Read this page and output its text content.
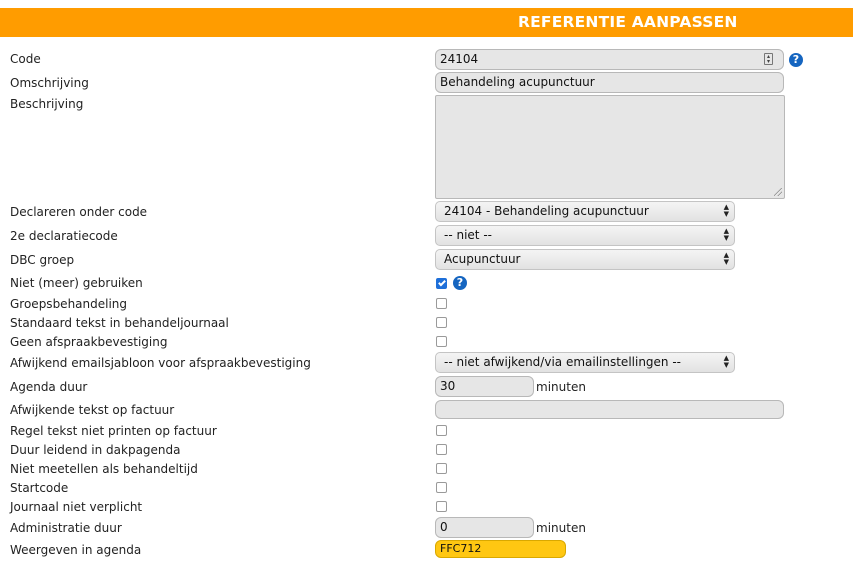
REFERENTIE AANPASSEN
Code	24104	▴
▾	?
Omschrijving	Behandeling acupunctuur
Beschrijving
Declareren onder code	24104 - Behandeling acupunctuur	▲
▼
2e declaratiecode	-- niet --	▲
▼
DBC groep	Acupunctuur	▲
▼
Niet (meer) gebruiken	?
Groepsbehandeling
Standaard tekst in behandeljournaal
Geen afspraakbevestiging
Afwijkend emailsjabloon voor afspraakbevestiging	-- niet afwijkend/via emailinstellingen --	▲
▼
Agenda duur	30	minuten
Afwijkende tekst op factuur
Regel tekst niet printen op factuur
Duur leidend in dakpagenda
Niet meetellen als behandeltijd
Startcode
Journaal niet verplicht
Administratie duur	0	minuten
Weergeven in agenda	FFC712
